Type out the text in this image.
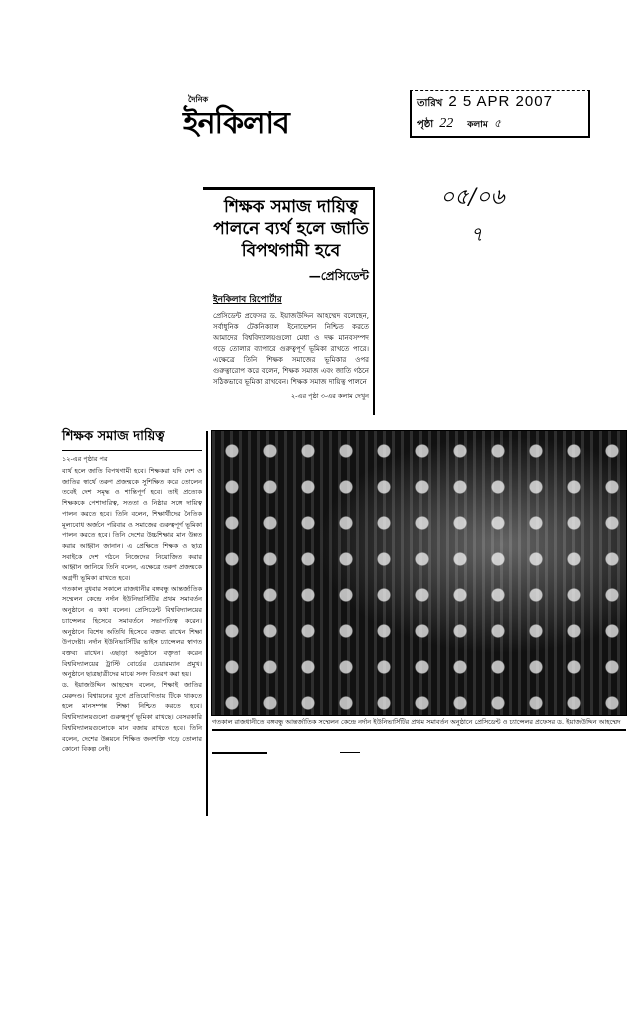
দৈনিক
ইনকিলাব
তারিখ 2 5 APR 2007
পৃষ্ঠা 22 কলাম ৫
০৫/০৬
৭
শিক্ষক সমাজ দায়িত্ব পালনে ব্যর্থ হলে জাতি বিপথগামী হবে
—প্রেসিডেন্ট
ইনকিলাব রিপোর্টার
প্রেসিডেন্ট প্রফেসর ড. ইয়াজউদ্দিন আহম্মেদ বলেছেন, সর্বাধুনিক টেকনিক্যাল ইনোভেশন নিশ্চিত করতে আমাদের বিশ্ববিদ্যালয়গুলো মেধা ও দক্ষ মানবসম্পদ গড়ে তোলার ব্যাপারে গুরুত্বপূর্ণ ভূমিকা রাখতে পারে। এক্ষেত্রে তিনি শিক্ষক সমাজের ভূমিকার ওপর গুরুত্বারোপ করে বলেন, শিক্ষক সমাজ এবং জাতি গঠনে সঠিকভাবে ভূমিকা রাখবেন। শিক্ষক সমাজ দায়িত্ব পালনে
২-এর পৃষ্ঠা ৩-এর কলাম দেখুন
শিক্ষক সমাজ দায়িত্ব
১২-এর পৃষ্ঠার পর
ব্যর্থ হলে জাতি বিপথগামী হবে। শিক্ষকরা যদি দেশ ও জাতির স্বার্থে তরুণ প্রজন্মকে সুশিক্ষিত করে তোলেন তবেই দেশ সমৃদ্ধ ও শান্তিপূর্ণ হবে। তাই প্রত্যেক শিক্ষককে পেশাদারিত্ব, সততা ও নিষ্ঠার সঙ্গে দায়িত্ব পালন করতে হবে। তিনি বলেন, শিক্ষার্থীদের নৈতিক মূল্যবোধ অর্জনে পরিবার ও সমাজের গুরুত্বপূর্ণ ভূমিকা পালন করতে হবে। তিনি দেশের উচ্চশিক্ষার মান উন্নত করার আহ্বান জানান। এ প্রেক্ষিতে শিক্ষক ও ছাত্র সবাইকে দেশ গঠনে নিজেদের নিয়োজিত করার আহ্বান জানিয়ে তিনি বলেন, এক্ষেত্রে তরুণ প্রজন্মকে অগ্রণী ভূমিকা রাখতে হবে।
গতকাল বুধবার সকালে রাজধানীর বঙ্গবন্ধু আন্তর্জাতিক সম্মেলন কেন্দ্রে নর্দান ইউনিভার্সিটির প্রথম সমাবর্তন অনুষ্ঠানে এ কথা বলেন। প্রেসিডেন্ট বিশ্ববিদ্যালয়ের চ্যান্সেলর হিসেবে সমাবর্তনে সভাপতিত্ব করেন। অনুষ্ঠানে বিশেষ অতিথি হিসেবে বক্তব্য রাখেন শিক্ষা উপদেষ্টা। নর্দান ইউনিভার্সিটির ভাইস চ্যান্সেলর স্বাগত বক্তব্য রাখেন। এছাড়া অনুষ্ঠানে বক্তৃতা করেন বিশ্ববিদ্যালয়ের ট্রাস্টি বোর্ডের চেয়ারম্যান প্রমুখ। অনুষ্ঠানে ছাত্রছাত্রীদের মাঝে সনদ বিতরণ করা হয়।
ড. ইয়াজউদ্দিন আহম্মেদ বলেন, শিক্ষাই জাতির মেরুদণ্ড। বিশ্বায়নের যুগে প্রতিযোগিতায় টিকে থাকতে হলে মানসম্পন্ন শিক্ষা নিশ্চিত করতে হবে। বিশ্ববিদ্যালয়গুলো গুরুত্বপূর্ণ ভূমিকা রাখছে। বেসরকারি বিশ্ববিদ্যালয়গুলোকে মান বজায় রাখতে হবে। তিনি বলেন, দেশের উন্নয়নে শিক্ষিত জনশক্তি গড়ে তোলার কোনো বিকল্প নেই।
গতকাল রাজধানীতে বঙ্গবন্ধু আন্তর্জাতিক সম্মেলন কেন্দ্রে নর্দান ইউনিভার্সিটির প্রথম সমাবর্তন অনুষ্ঠানে প্রেসিডেন্ট ও চ্যান্সেলর প্রফেসর ড. ইয়াজউদ্দিন আহম্মেদ
